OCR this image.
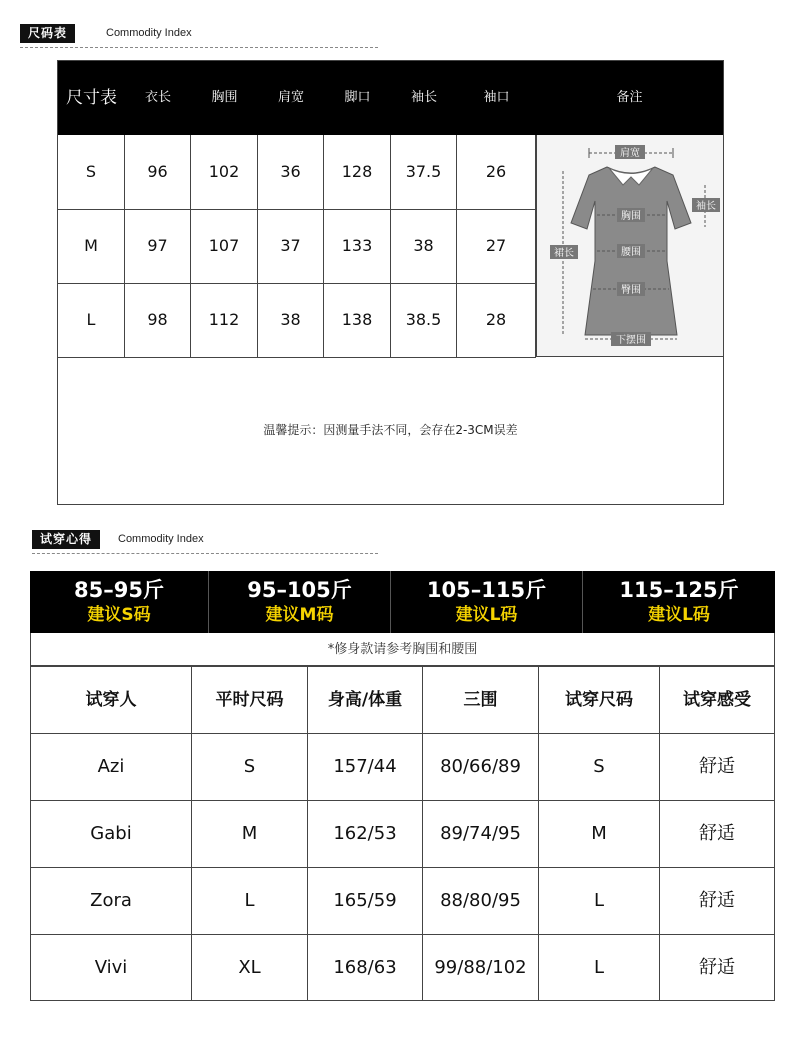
尺码表	Commodity Index
尺寸表	衣长	胸围	肩宽	脚口	袖长	袖口	备注
S	96	102	36	128	37.5	26
M	97	107	37	133	38	27
L	98	112	38	138	38.5	28
肩宽
袖长
胸围
裙长	腰围
臀围
下摆围
温馨提示：因测量手法不同，会存在2-3CM误差
试穿心得	Commodity Index
85–95斤
建议S码
95–105斤
建议M码
105–115斤
建议L码
115–125斤
建议L码
*修身款请参考胸围和腰围
试穿人	平时尺码	身高/体重	三围	试穿尺码	试穿感受
Azi	S	157/44	80/66/89	S	舒适
Gabi	M	162/53	89/74/95	M	舒适
Zora	L	165/59	88/80/95	L	舒适
Vivi	XL	168/63	99/88/102	L	舒适
